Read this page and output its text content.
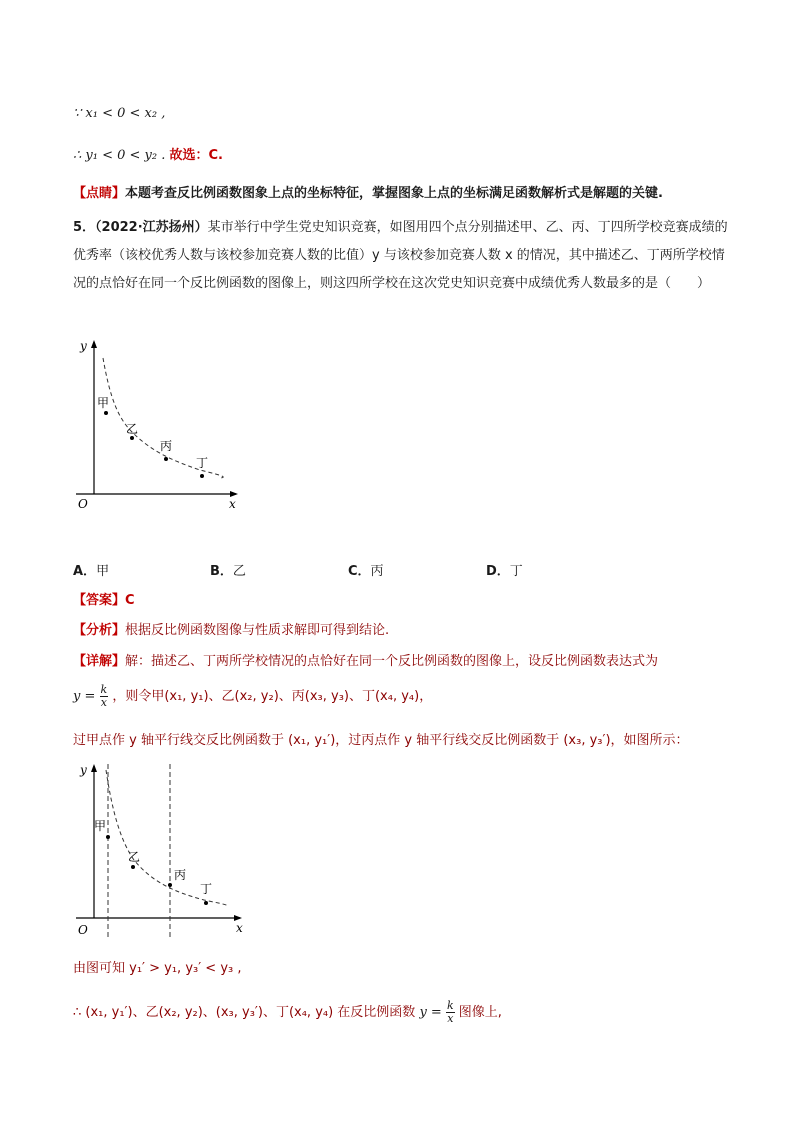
∵ x₁ < 0 < x₂ ,
∴ y₁ < 0 < y₂ . 故选：C.
【点睛】本题考查反比例函数图象上点的坐标特征，掌握图象上点的坐标满足函数解析式是解题的关键.
5．（2022·江苏扬州）某市举行中学生党史知识竞赛，如图用四个点分别描述甲、乙、丙、丁四所学校竞赛成绩的优秀率（该校优秀人数与该校参加竞赛人数的比值）y 与该校参加竞赛人数 x 的情况，其中描述乙、丁两所学校情况的点恰好在同一个反比例函数的图像上，则这四所学校在这次党史知识竞赛中成绩优秀人数最多的是（　　）
y
x
O
甲
乙
丙
丁
A．甲	B．乙	C．丙	D．丁
【答案】C
【分析】根据反比例函数图像与性质求解即可得到结论.
【详解】解：描述乙、丁两所学校情况的点恰好在同一个反比例函数的图像上，设反比例函数表达式为
$y = \frac{k}{x}$ ，则令甲(x₁, y₁)、乙(x₂, y₂)、丙(x₃, y₃)、丁(x₄, y₄)，
过甲点作 y 轴平行线交反比例函数于 (x₁, y₁′)，过丙点作 y 轴平行线交反比例函数于 (x₃, y₃′)，如图所示：
y
x
O
甲
乙
丙
丁
由图可知 y₁′ > y₁, y₃′ < y₃ ,
∴ (x₁, y₁′)、乙(x₂, y₂)、(x₃, y₃′)、丁(x₄, y₄) 在反比例函数 $y = \frac{k}{x}$ 图像上,
